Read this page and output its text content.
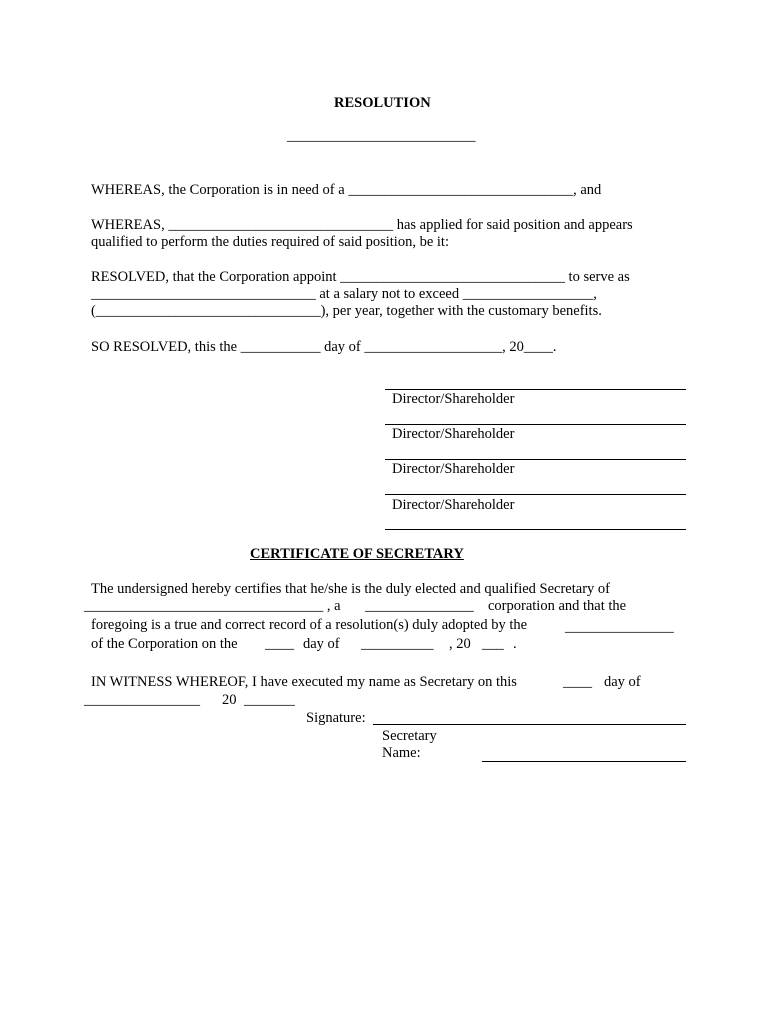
RESOLUTION
__________________________
WHEREAS, the Corporation is in need of a _______________________________, and
WHEREAS, _______________________________ has applied for said position and appears
qualified to perform the duties required of said position, be it:
RESOLVED, that the Corporation appoint _______________________________ to serve as
_______________________________ at a salary not to exceed __________________,
(_______________________________), per year, together with the customary benefits.
SO RESOLVED, this the ___________ day of ___________________, 20____.
Director/Shareholder
Director/Shareholder
Director/Shareholder
Director/Shareholder
CERTIFICATE OF SECRETARY
The undersigned hereby certifies that he/she is the duly elected and qualified Secretary of
_________________________________ , a _______________ corporation and that the
foregoing is a true and correct record of a resolution(s) duly adopted by the	_______________
of the Corporation on the ____ day of __________ , 20 ___ .
IN WITNESS WHEREOF, I have executed my name as Secretary on this	____ day of
________________ 20 _______
Signature:
Secretary
Name:
